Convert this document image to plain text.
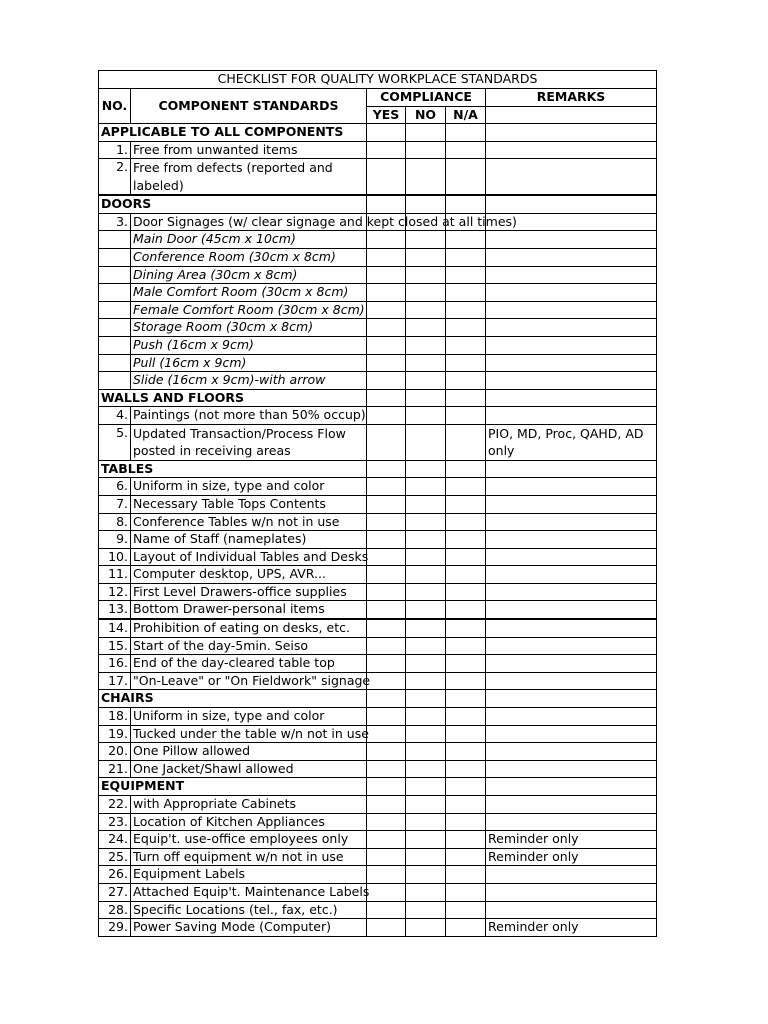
CHECKLIST FOR QUALITY WORKPLACE STANDARDS					
NO.	COMPONENT STANDARDS	COMPLIANCE			REMARKS
		YES	NO	N/A	
APPLICABLE TO ALL COMPONENTS					
1.	Free from unwanted items				
2.	Free from defects (reported and labeled)				
DOORS					
3.	Door Signages (w/ clear signage and kept closed at all times)				
	Main Door (45cm x 10cm)				
	Conference Room (30cm x 8cm)				
	Dining Area (30cm x 8cm)				
	Male Comfort Room (30cm x 8cm)				
	Female Comfort Room (30cm x 8cm)				
	Storage Room (30cm x 8cm)				
	Push (16cm x 9cm)				
	Pull (16cm x 9cm)				
	Slide (16cm x 9cm)-with arrow				
WALLS AND FLOORS					
4.	Paintings (not more than 50% occup)				
5.	Updated Transaction/Process Flow posted in receiving areas				PIO, MD, Proc, QAHD, AD only
TABLES					
6.	Uniform in size, type and color				
7.	Necessary Table Tops Contents				
8.	Conference Tables w/n not in use				
9.	Name of Staff (nameplates)				
10.	Layout of Individual Tables and Desks				
11.	Computer desktop, UPS, AVR...				
12.	First Level Drawers-office supplies				
13.	Bottom Drawer-personal items				
14.	Prohibition of eating on desks, etc.				
15.	Start of the day-5min. Seiso				
16.	End of the day-cleared table top				
17.	"On-Leave" or "On Fieldwork" signage				
CHAIRS					
18.	Uniform in size, type and color				
19.	Tucked under the table w/n not in use				
20.	One Pillow allowed				
21.	One Jacket/Shawl allowed				
EQUIPMENT					
22.	with Appropriate Cabinets				
23.	Location of Kitchen Appliances				
24.	Equip't. use-office employees only				Reminder only
25.	Turn off equipment w/n not in use				Reminder only
26.	Equipment Labels				
27.	Attached Equip't. Maintenance Labels				
28.	Specific Locations (tel., fax, etc.)				
29.	Power Saving Mode (Computer)				Reminder only
